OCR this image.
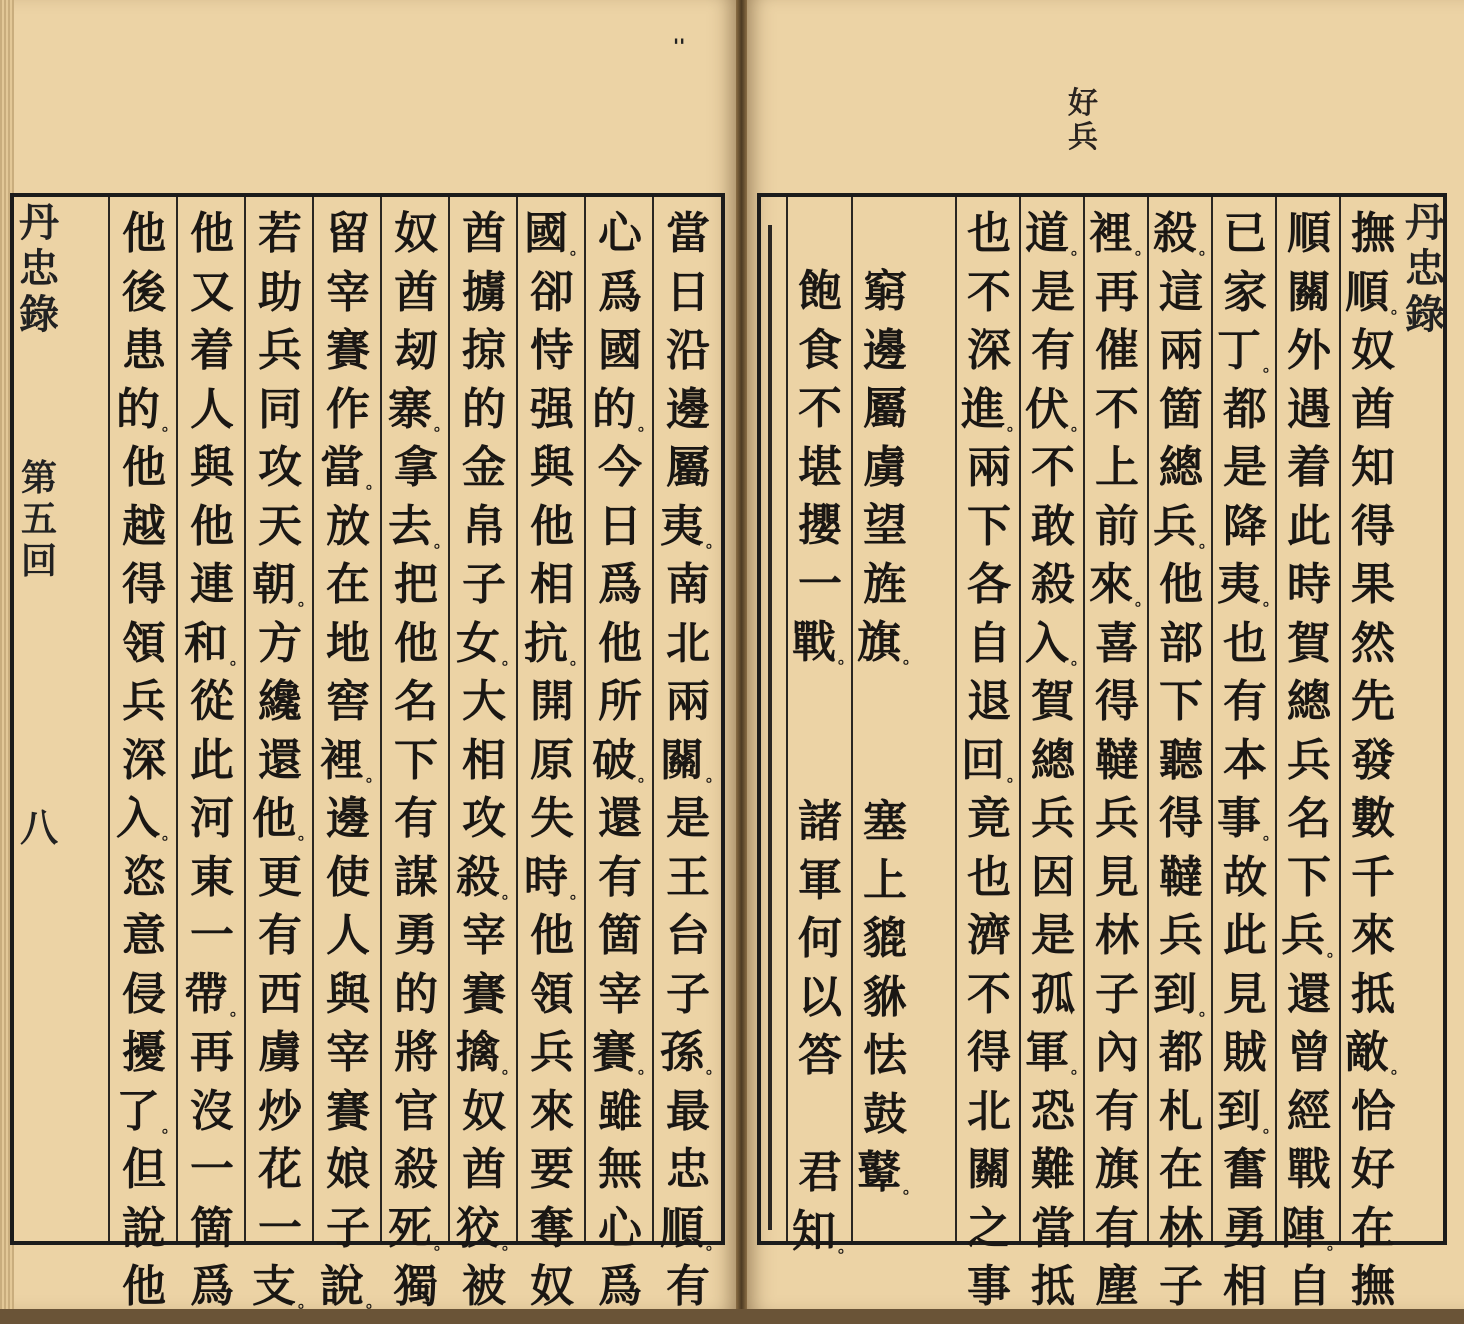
''
好
兵
丹
忠
錄
第
五
回
八
丹
忠
錄
當
日
沿
邊
屬
夷 。
南
北
兩
關 。
是
王
台
子
孫 。
最
忠
順 。
有
心
爲
國
的 。
今
日
爲
他
所
破 。
還
有
箇
宰
賽 。
雖
無
心
爲
國 。
卻
恃
强
與
他
相
抗 。
開
原
失
時 。
他
領
兵
來
要
奪
奴
酋
擄
掠
的
金
帛
子
女 。
大
相
攻
殺 。
宰
賽
擒 。
奴
酋
狡 。
被
奴
酋
刼
寨 。
拿
去 。
把
他
名
下
有
謀
勇
的
將
官
殺
死 。
獨
留
宰
賽
作
當 。
放
在
地
窖
裡 。
邊
使
人
與
宰
賽
娘
子
說 。
若
助
兵
同
攻
天
朝 。
方
纔
還
他 。
更
有
西
虜
炒
花
一
支 。
他
又
着
人
與
他
連
和 。
從
此
河
東
一
帶 。
再
沒
一
箇
爲
他
後
患
的 。
他
越
得
領
兵
深
入 。
恣
意
侵
擾
了 。
但
說
他
撫
順 。
奴
酋
知
得
果
然
先
發
數
千
來
抵
敵 。
恰
好
在
撫
順
關
外
遇
着
此
時
賀
總
兵
名
下
兵 。
還
曾
經
戰
陣 。
自
已
家
丁 。
都
是
降
夷 。
也
有
本
事 。
故
此
見
賊
到 。
奮
勇
相
殺 。
這
兩
箇
總
兵 。
他
部
下
聽
得
韃
兵
到 。
都
札
在
林
子
裡 。
再
催
不
上
前
來 。
喜
得
韃
兵
見
林
子
內
有
旗
有
塵
道 。
是
有
伏 。
不
敢
殺
入 。
賀
總
兵
因
是
孤
軍 。
恐
難
當
抵
也
不
深
進 。
兩
下
各
自
退
回 。
竟
也
濟
不
得
北
關
之
事
窮
邊
屬
虜
望
旌
旗 。
塞
上
貔
貅
怯
鼓
鼙 。
飽
食
不
堪
攖
一
戰 。
諸
軍
何
以
答

君
知 。
